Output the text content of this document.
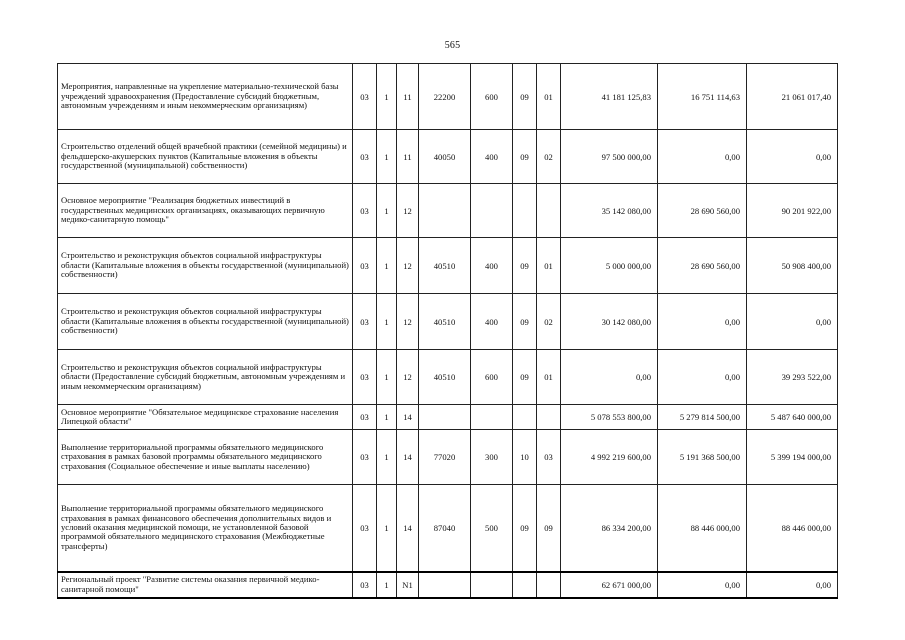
565
Мероприятия, направленные на укрепление материально-технической базы учреждений здравоохранения (Предоставление субсидий бюджетным, автономным учреждениям и иным некоммерческим организациям)	03	1	11	22200	600	09	01	41 181 125,83	16 751 114,63	21 061 017,40
Строительство отделений общей врачебной практики (семейной медицины) и фельдшерско-акушерских пунктов (Капитальные вложения в объекты государственной (муниципальной) собственности)	03	1	11	40050	400	09	02	97 500 000,00	0,00	0,00
Основное мероприятие "Реализация бюджетных инвестиций в государственных медицинских организациях, оказывающих первичную медико-санитарную помощь"	03	1	12					35 142 080,00	28 690 560,00	90 201 922,00
Строительство и реконструкция объектов социальной инфраструктуры области (Капитальные вложения в объекты государственной (муниципальной) собственности)	03	1	12	40510	400	09	01	5 000 000,00	28 690 560,00	50 908 400,00
Строительство и реконструкция объектов социальной инфраструктуры области (Капитальные вложения в объекты государственной (муниципальной) собственности)	03	1	12	40510	400	09	02	30 142 080,00	0,00	0,00
Строительство и реконструкция объектов социальной инфраструктуры области (Предоставление субсидий бюджетным, автономным учреждениям и иным некоммерческим организациям)	03	1	12	40510	600	09	01	0,00	0,00	39 293 522,00
Основное мероприятие "Обязательное медицинское страхование населения Липецкой области"	03	1	14					5 078 553 800,00	5 279 814 500,00	5 487 640 000,00
Выполнение территориальной программы обязательного медицинского страхования в рамках базовой программы обязательного медицинского страхования (Социальное обеспечение и иные выплаты населению)	03	1	14	77020	300	10	03	4 992 219 600,00	5 191 368 500,00	5 399 194 000,00
Выполнение территориальной программы обязательного медицинского страхования в рамках финансового обеспечения дополнительных видов и условий оказания медицинской помощи, не установленной базовой программой обязательного медицинского страхования (Межбюджетные трансферты)	03	1	14	87040	500	09	09	86 334 200,00	88 446 000,00	88 446 000,00
Региональный проект "Развитие системы оказания первичной медико-санитарной помощи"	03	1	N1					62 671 000,00	0,00	0,00
